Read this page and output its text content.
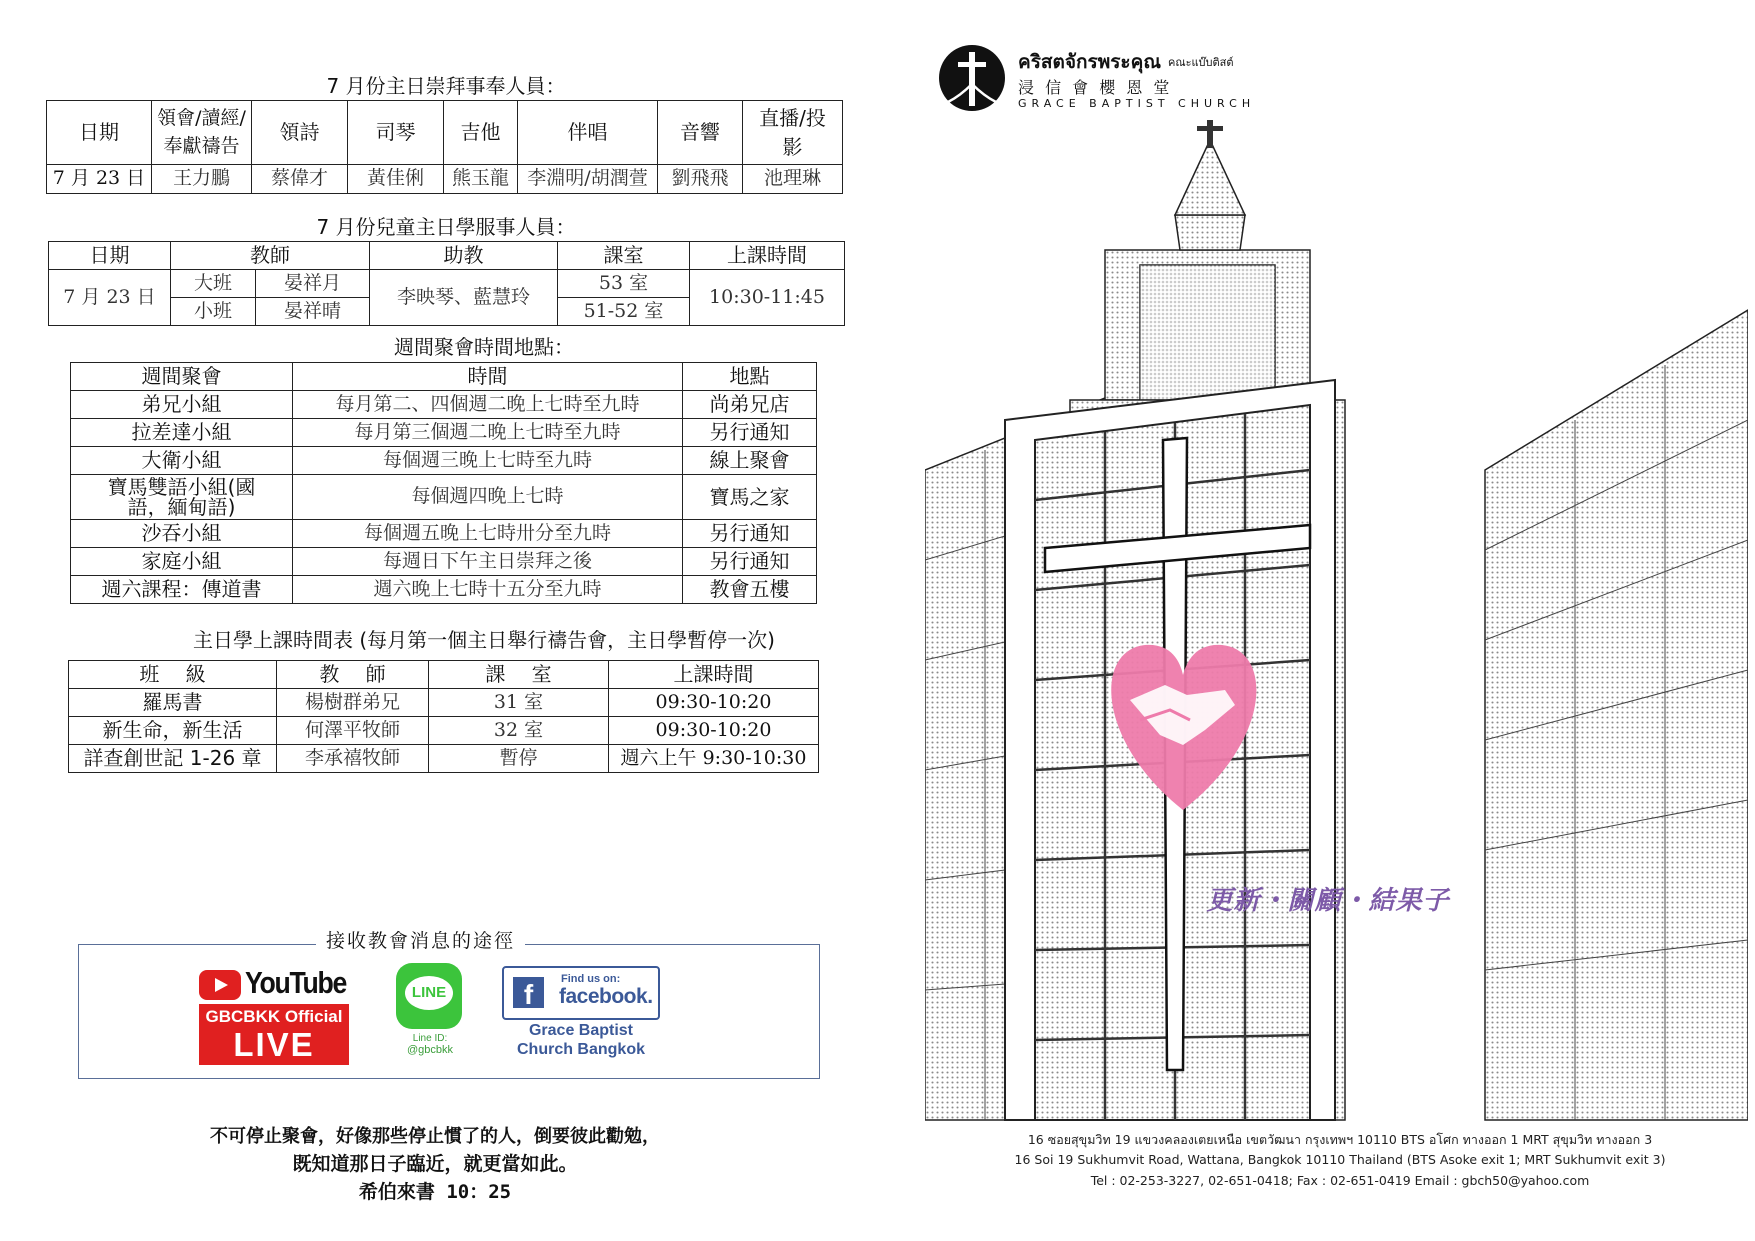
7 月份主日崇拜事奉人員：
日期	領會/讀經/奉獻禱告	領詩	司琴	吉他	伴唱	音響	直播/投影
7 月 23 日	王力鵬	蔡偉才	黃佳俐	熊玉龍	李淵明/胡潤萱	劉飛飛	池理琳
7 月份兒童主日學服事人員：
日期	教師		助教	課室	上課時間
7 月 23 日	大班	晏祥月	李映琴、藍慧玲	53 室	10:30-11:45
	小班	晏祥晴		51-52 室	
週間聚會時間地點：
週間聚會	時間	地點
弟兄小組	每月第二、四個週二晚上七時至九時	尚弟兄店
拉差達小組	每月第三個週二晚上七時至九時	另行通知
大衛小組	每個週三晚上七時至九時	線上聚會
寶馬雙語小組(國語，緬甸語)	每個週四晚上七時	寶馬之家
沙吞小組	每個週五晚上七時卅分至九時	另行通知
家庭小組	每週日下午主日崇拜之後	另行通知
週六課程：傳道書	週六晚上七時十五分至九時	教會五樓
主日學上課時間表 (每月第一個主日舉行禱告會，主日學暫停一次)
班　 級	教　 師	課　 室	上課時間
羅馬書	楊樹群弟兄	31 室	09:30-10:20
新生命，新生活	何澤平牧師	32 室	09:30-10:20
詳查創世記 1-26 章	李承禧牧師	暫停	週六上午 9:30-10:30
接收教會消息的途徑
YouTube
GBCBKK Official
LIVE
LINE
Line ID:
@gbcbkk
f	Find us on:
facebook.
Grace Baptist
Church Bangkok
不可停止聚會，好像那些停止慣了的人，倒要彼此勸勉，
既知道那日子臨近，就更當如此。
希伯來書 10：25
คริสตจักรพระคุณ คณะแบ๊บติสต์
浸 信 會 櫻 恩 堂
GRACE BAPTIST CHURCH
更新・關顧・結果子
16 ซอยสุขุมวิท 19 แขวงคลองเตยเหนือ เขตวัฒนา กรุงเทพฯ 10110 BTS อโศก ทางออก 1 MRT สุขุมวิท ทางออก 3
16 Soi 19 Sukhumvit Road, Wattana, Bangkok 10110 Thailand (BTS Asoke exit 1; MRT Sukhumvit exit 3)
Tel : 02-253-3227, 02-651-0418; Fax : 02-651-0419 Email : gbch50@yahoo.com
